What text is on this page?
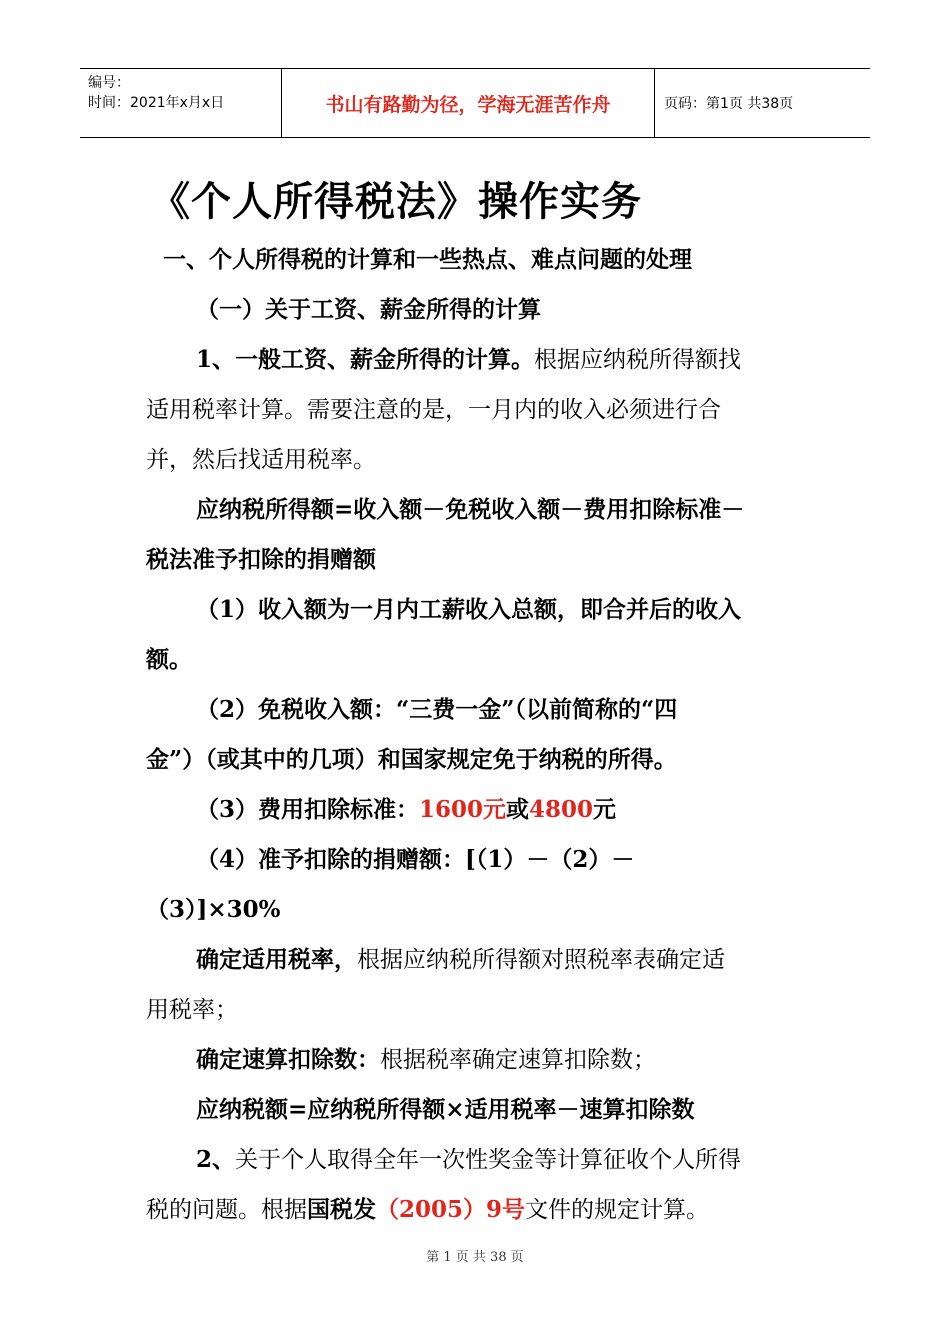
编号：
时间：2021年x月x日	书山有路勤为径，学海无涯苦作舟	页码：第1页 共38页
《个人所得税法》操作实务
一、个人所得税的计算和一些热点、难点问题的处理
（一）关于工资、薪金所得的计算
1、一般工资、薪金所得的计算。根据应纳税所得额找
适用税率计算。需要注意的是，一月内的收入必须进行合
并，然后找适用税率。
应纳税所得额=收入额－免税收入额－费用扣除标准－
税法准予扣除的捐赠额
（1）收入额为一月内工薪收入总额，即合并后的收入
额。
（2）免税收入额：“三费一金”（以前简称的“四
金”）（或其中的几项）和国家规定免于纳税的所得。
（3）费用扣除标准：1600元或4800元
（4）准予扣除的捐赠额：[（1）－（2）－
（3）]×30%
确定适用税率，根据应纳税所得额对照税率表确定适
用税率；
确定速算扣除数：根据税率确定速算扣除数；
应纳税额=应纳税所得额×适用税率－速算扣除数
2、关于个人取得全年一次性奖金等计算征收个人所得
税的问题。根据国税发（2005）9号文件的规定计算。
第 1 页 共 38 页
